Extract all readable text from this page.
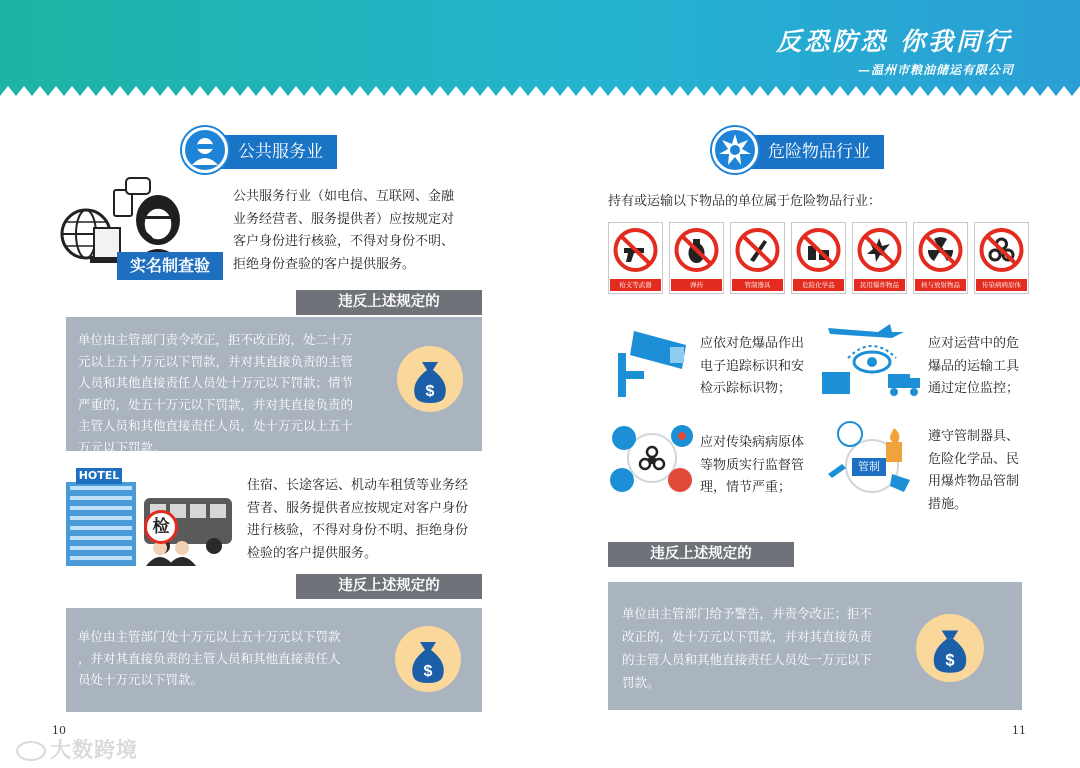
反恐防恐 你我同行
—温州市粮油储运有限公司
公共服务业
实名制查验
公共服务行业（如电信、互联网、金融
业务经营者、服务提供者）应按规定对
客户身份进行核验，不得对身份不明、
拒绝身份查验的客户提供服务。
违反上述规定的
单位由主管部门责令改正，拒不改正的，处二十万
元以上五十万元以下罚款，并对其直接负责的主管
人员和其他直接责任人员处十万元以下罚款；情节
严重的，处五十万元以下罚款，并对其直接负责的
主管人员和其他直接责任人员，处十万元以上五十
万元以下罚款。
$
HOTEL
检
住宿、长途客运、机动车租赁等业务经
营者、服务提供者应按规定对客户身份
进行核验，不得对身份不明、拒绝身份
检验的客户提供服务。
违反上述规定的
单位由主管部门处十万元以上五十万元以下罚款
，并对其直接负责的主管人员和其他直接责任人
员处十万元以下罚款。	$
10
危险物品行业
持有或运输以下物品的单位属于危险物品行业：
枪支等武器	弹药	管制器具	危险化学品	民用爆炸物品	核与放射物品	传染病病原体
应依对危爆品作出
电子追踪标识和安
检示踪标识物；
应对运营中的危
爆品的运输工具
通过定位监控；
应对传染病病原体
等物质实行监督管
理，情节严重；
管制
遵守管制器具、
危险化学品、民
用爆炸物品管制
措施。
违反上述规定的
单位由主管部门给予警告，并责令改正；拒不
改正的，处十万元以下罚款，并对其直接负责
的主管人员和其他直接责任人员处一万元以下
罚款。
$
11
大数跨境
